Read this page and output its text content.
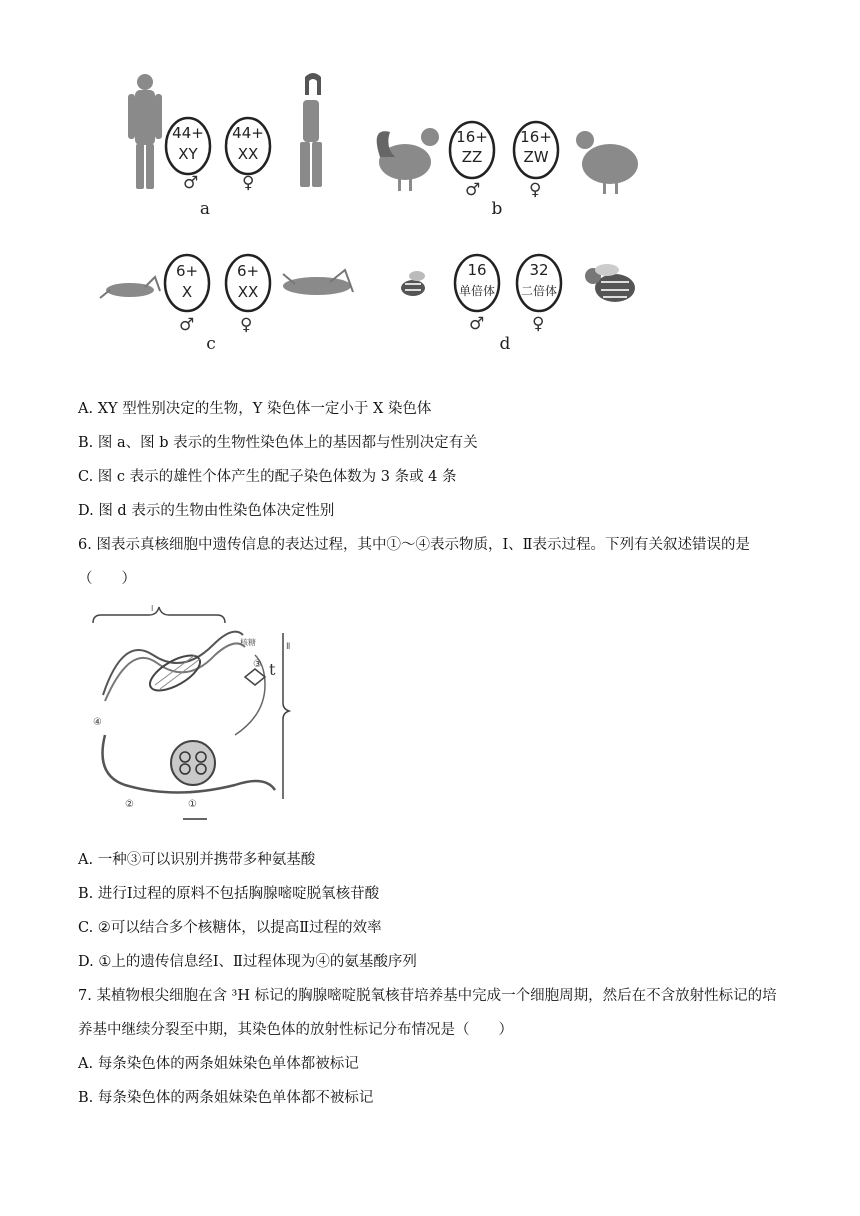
44+
XY
♂
44+
XX
♀
a
16+
ZZ
♂
16+
ZW
♀
b
6+
X
♂
6+
XX
♀
c
16
单倍体
♂
32
二倍体
♀
d
A. XY 型性别决定的生物，Y 染色体一定小于 X 染色体
B. 图 a、图 b 表示的生物性染色体上的基因都与性别决定有关
C. 图 c 表示的雄性个体产生的配子染色体数为 3 条或 4 条
D. 图 d 表示的生物由性染色体决定性别
6. 图表示真核细胞中遗传信息的表达过程，其中①～④表示物质，Ⅰ、Ⅱ表示过程。下列有关叙述错误的是（　　）
Ⅰ
Ⅱ
t
③
核糖
④
②	①
A. 一种③可以识别并携带多种氨基酸
B. 进行Ⅰ过程的原料不包括胸腺嘧啶脱氧核苷酸
C. ②可以结合多个核糖体，以提高Ⅱ过程的效率
D. ①上的遗传信息经Ⅰ、Ⅱ过程体现为④的氨基酸序列
7. 某植物根尖细胞在含 ³H 标记的胸腺嘧啶脱氧核苷培养基中完成一个细胞周期，然后在不含放射性标记的培养基中继续分裂至中期，其染色体的放射性标记分布情况是（　　）
A. 每条染色体的两条姐妹染色单体都被标记
B. 每条染色体的两条姐妹染色单体都不被标记
